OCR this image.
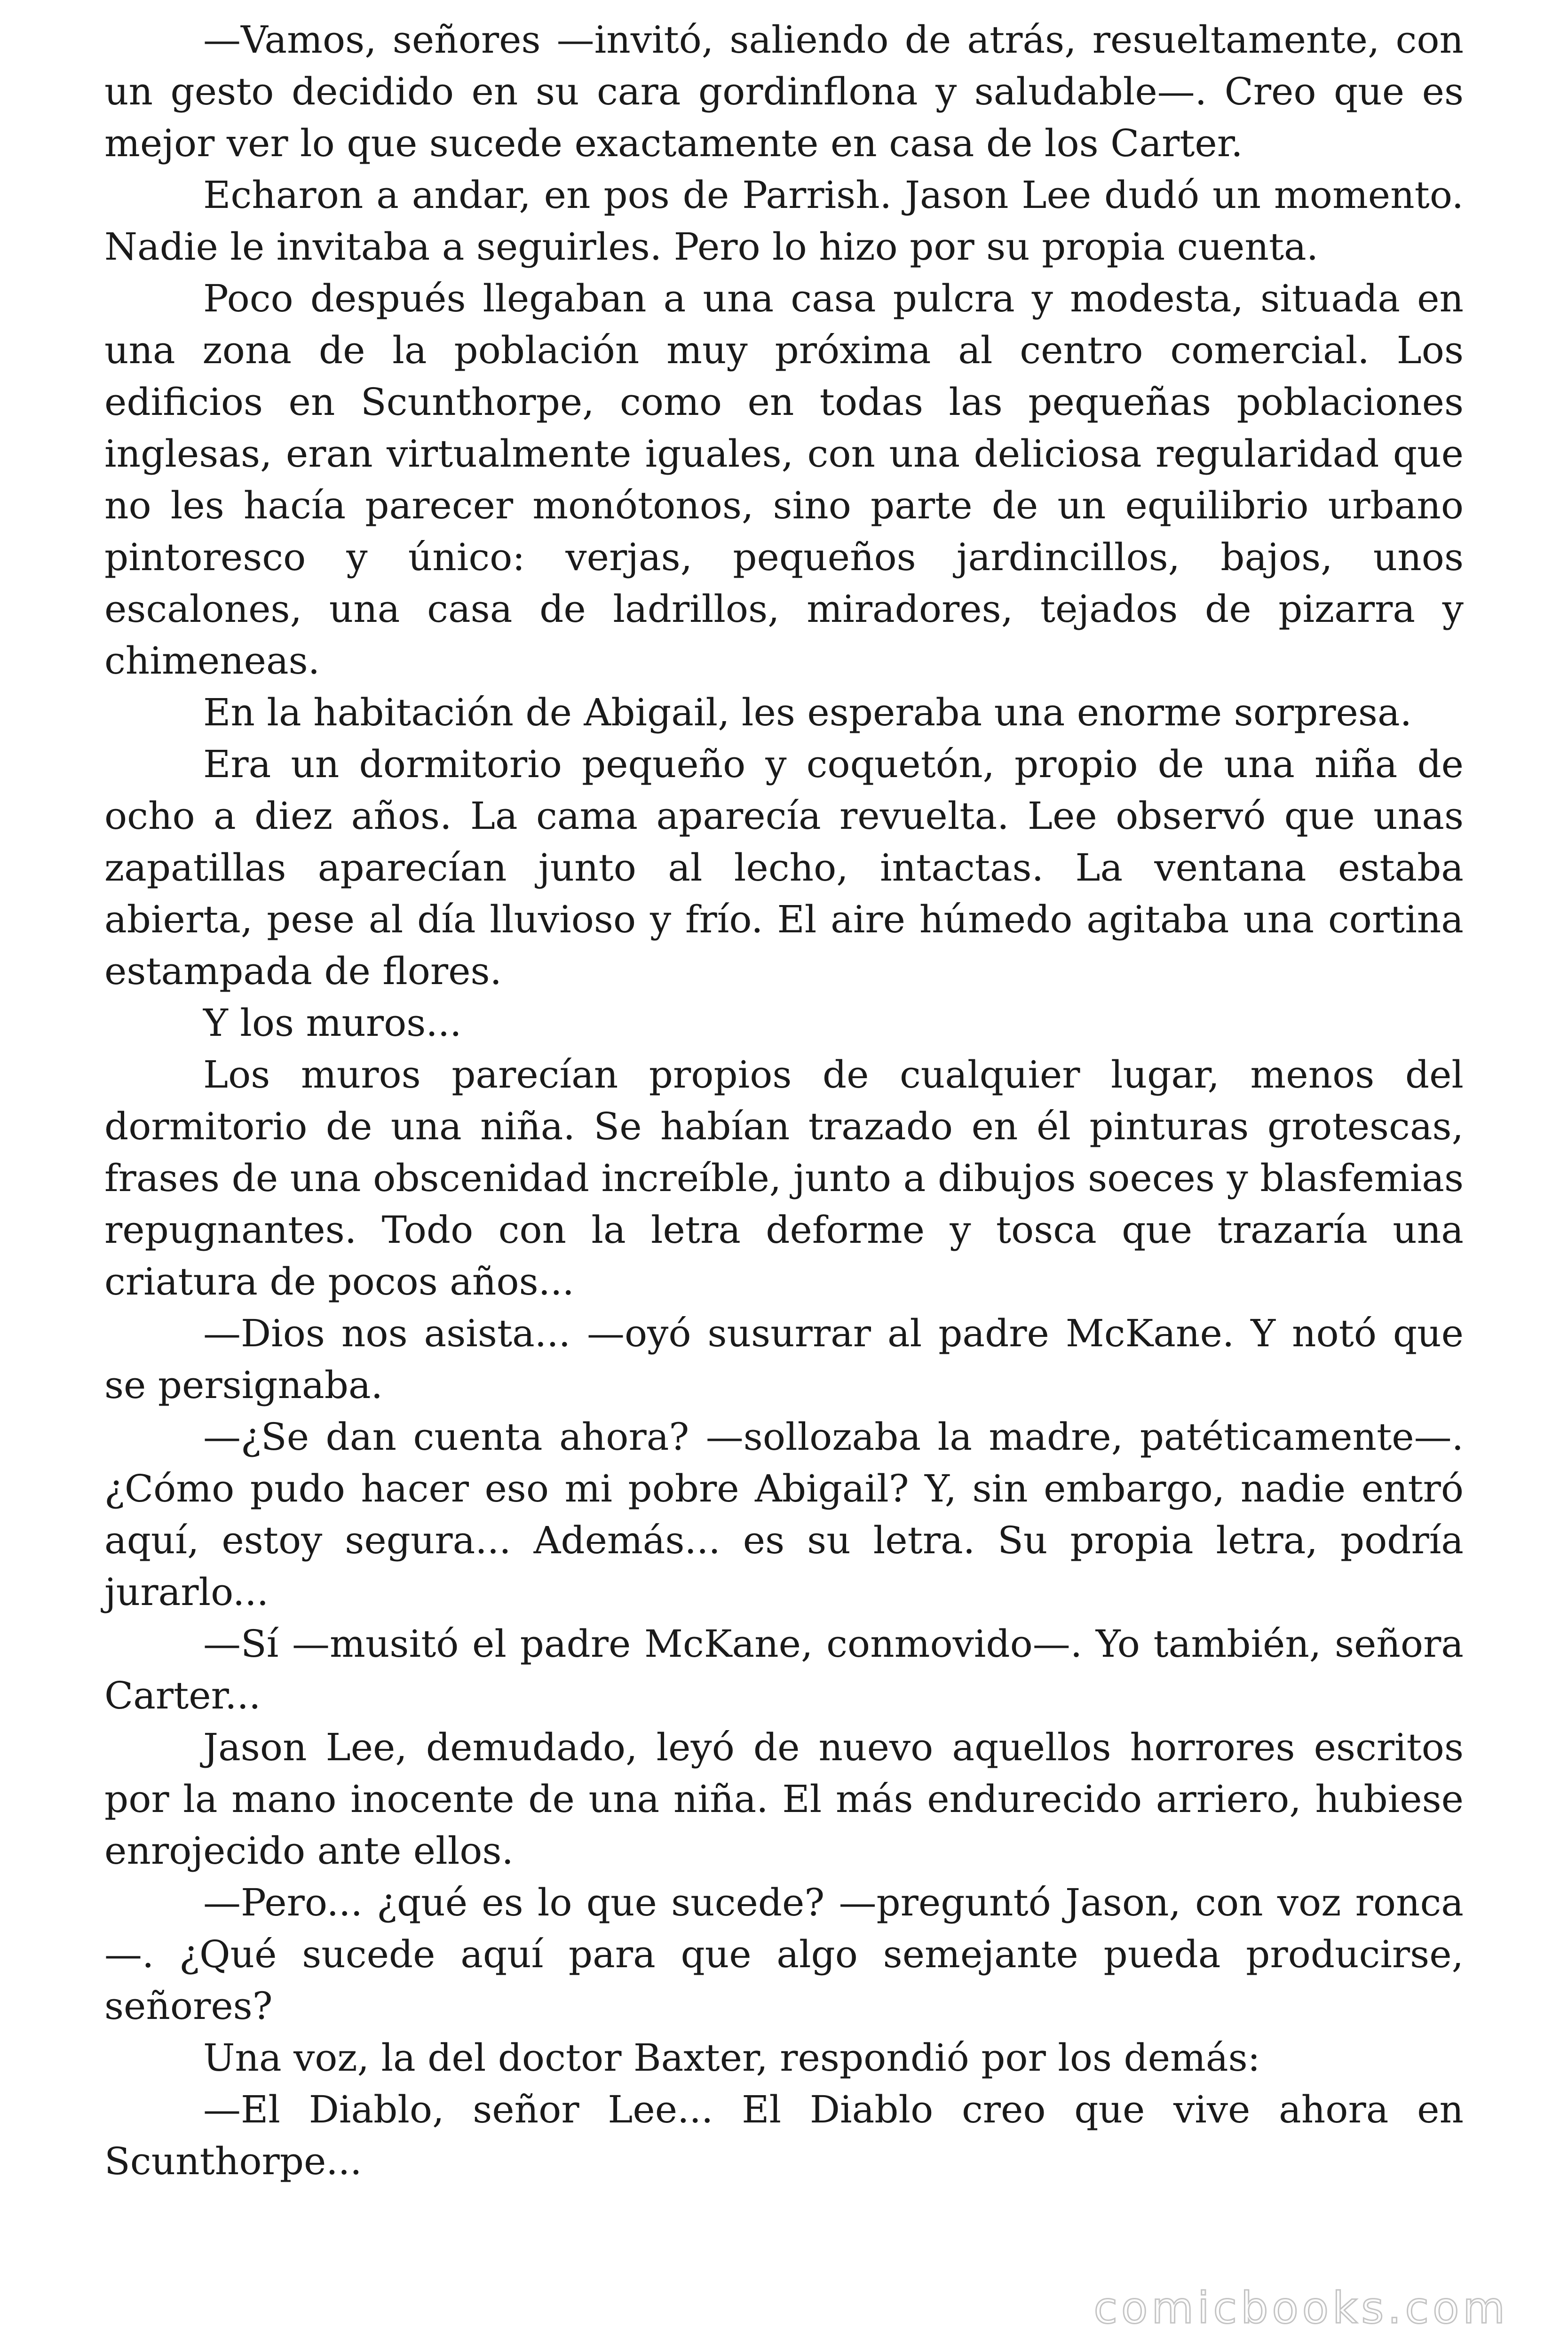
—Vamos, señores —invitó, saliendo de atrás, resueltamente, con un gesto decidido en su cara gordinflona y saludable—. Creo que es mejor ver lo que sucede exactamente en casa de los Carter.

Echaron a andar, en pos de Parrish. Jason Lee dudó un momento. Nadie le invitaba a seguirles. Pero lo hizo por su propia cuenta.

Poco después llegaban a una casa pulcra y modesta, situada en una zona de la población muy próxima al centro comercial. Los edificios en Scunthorpe, como en todas las pequeñas poblaciones inglesas, eran virtualmente iguales, con una deliciosa regularidad que no les hacía parecer monótonos, sino parte de un equilibrio urbano pintoresco y único: verjas, pequeños jardincillos, bajos, unos escalones, una casa de ladrillos, miradores, tejados de pizarra y chimeneas.

En la habitación de Abigail, les esperaba una enorme sorpresa.

Era un dormitorio pequeño y coquetón, propio de una niña de ocho a diez años. La cama aparecía revuelta. Lee observó que unas zapatillas aparecían junto al lecho, intactas. La ventana estaba abierta, pese al día lluvioso y frío. El aire húmedo agitaba una cortina estampada de flores.

Y los muros...

Los muros parecían propios de cualquier lugar, menos del dormitorio de una niña. Se habían trazado en él pinturas grotescas, frases de una obscenidad increíble, junto a dibujos soeces y blasfemias repugnantes. Todo con la letra deforme y tosca que trazaría una criatura de pocos años...

—Dios nos asista... —oyó susurrar al padre McKane. Y notó que se persignaba.

—¿Se dan cuenta ahora? —sollozaba la madre, patéticamente—. ¿Cómo pudo hacer eso mi pobre Abigail? Y, sin embargo, nadie entró aquí, estoy segura... Además... es su letra. Su propia letra, podría jurarlo...

—Sí —musitó el padre McKane, conmovido—. Yo también, señora Carter...

Jason Lee, demudado, leyó de nuevo aquellos horrores escritos por la mano inocente de una niña. El más endurecido arriero, hubiese enrojecido ante ellos.

—Pero... ¿qué es lo que sucede? —preguntó Jason, con voz ronca —. ¿Qué sucede aquí para que algo semejante pueda producirse, señores?

Una voz, la del doctor Baxter, respondió por los demás:

—El Diablo, señor Lee... El Diablo creo que vive ahora en Scunthorpe...

comicbooks.com
